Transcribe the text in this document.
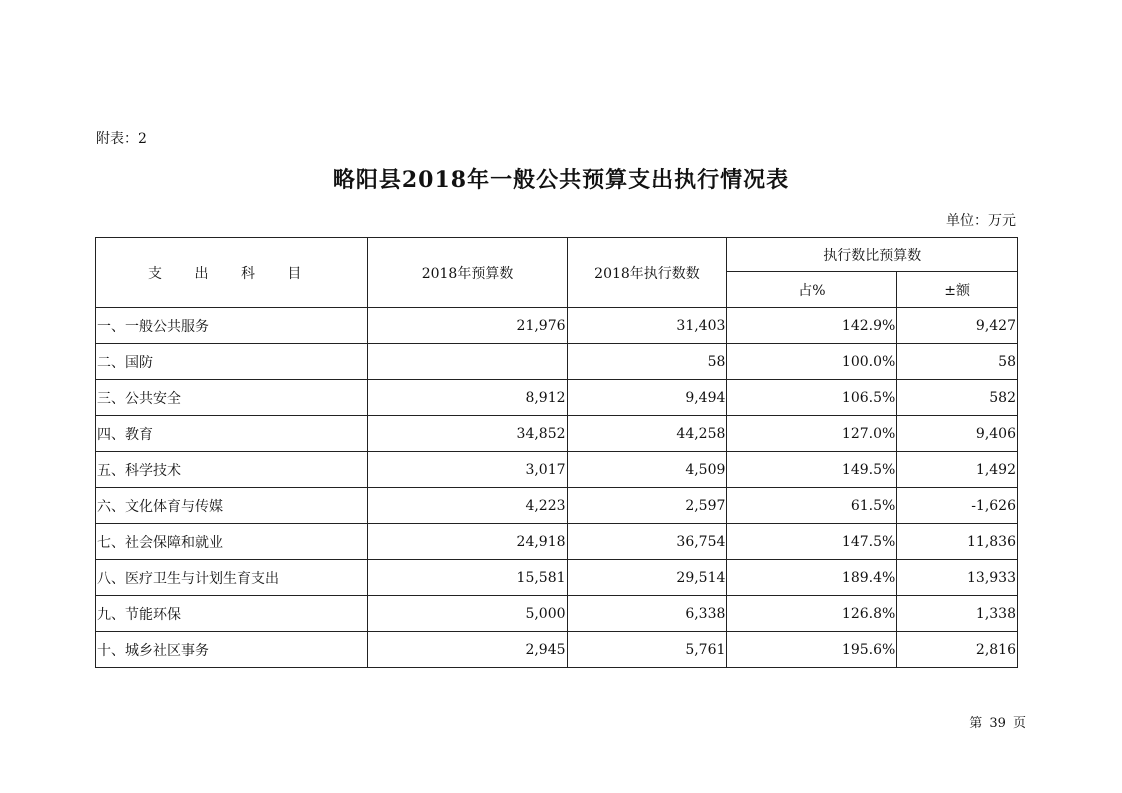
附表：2
略阳县2018年一般公共预算支出执行情况表
单位：万元
支 出 科 目	2018年预算数	2018年执行数数	执行数比预算数	
			占%	±额
一、一般公共服务	21,976	31,403	142.9%	9,427
二、国防		58	100.0%	58
三、公共安全	8,912	9,494	106.5%	582
四、教育	34,852	44,258	127.0%	9,406
五、科学技术	3,017	4,509	149.5%	1,492
六、文化体育与传媒	4,223	2,597	61.5%	-1,626
七、社会保障和就业	24,918	36,754	147.5%	11,836
八、医疗卫生与计划生育支出	15,581	29,514	189.4%	13,933
九、节能环保	5,000	6,338	126.8%	1,338
十、城乡社区事务	2,945	5,761	195.6%	2,816
第 39 页
